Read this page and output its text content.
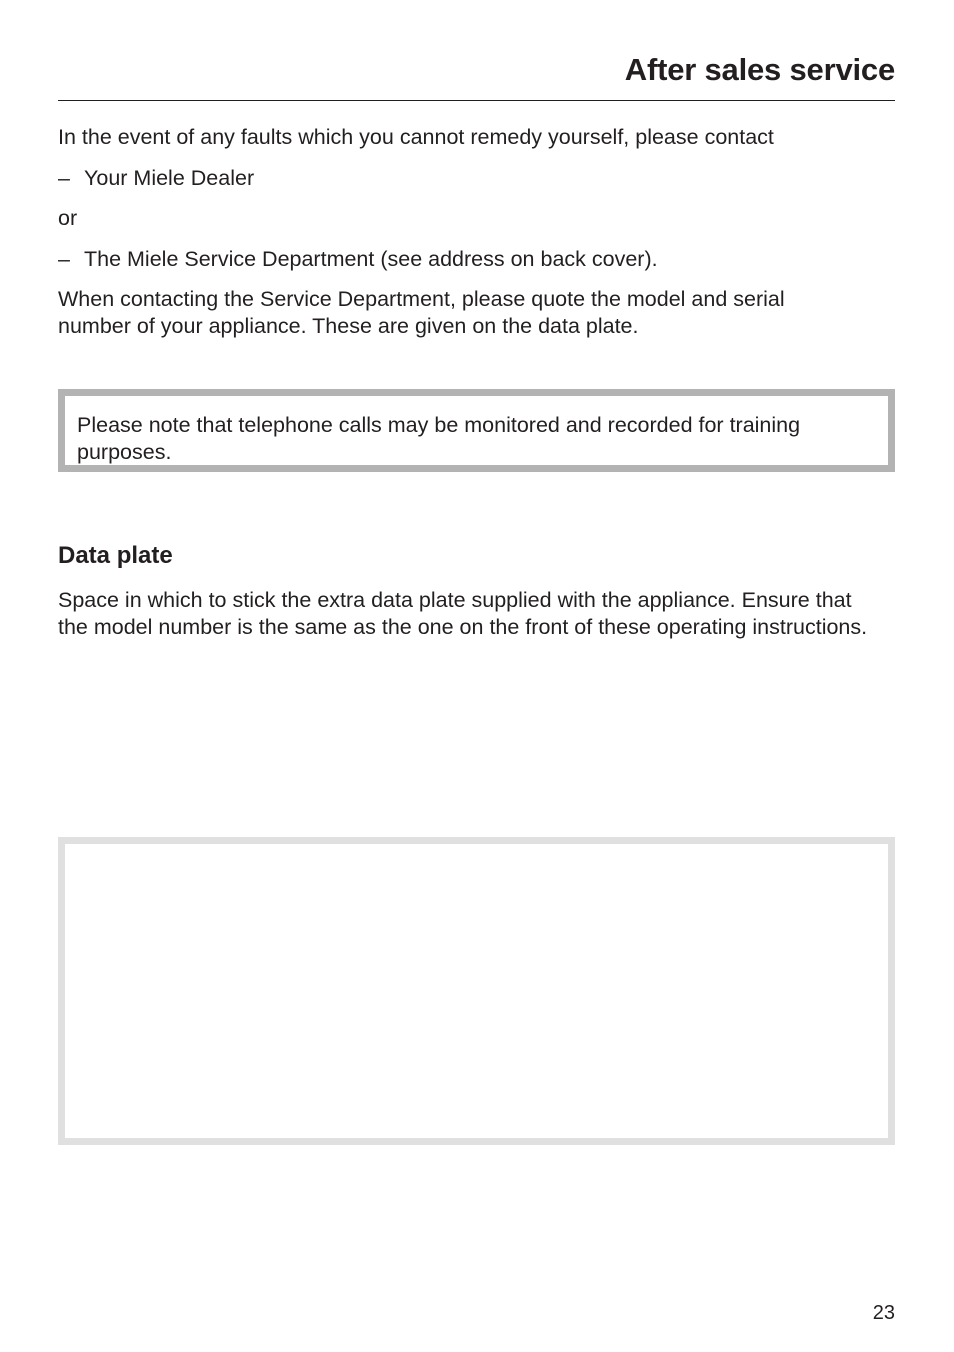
After sales service

In the event of any faults which you cannot remedy yourself, please contact

– Your Miele Dealer

or

– The Miele Service Department (see address on back cover).

When contacting the Service Department, please quote the model and serial number of your appliance. These are given on the data plate.

Please note that telephone calls may be monitored and recorded for training purposes.

Data plate

Space in which to stick the extra data plate supplied with the appliance. Ensure that the model number is the same as the one on the front of these operating instructions.

23
